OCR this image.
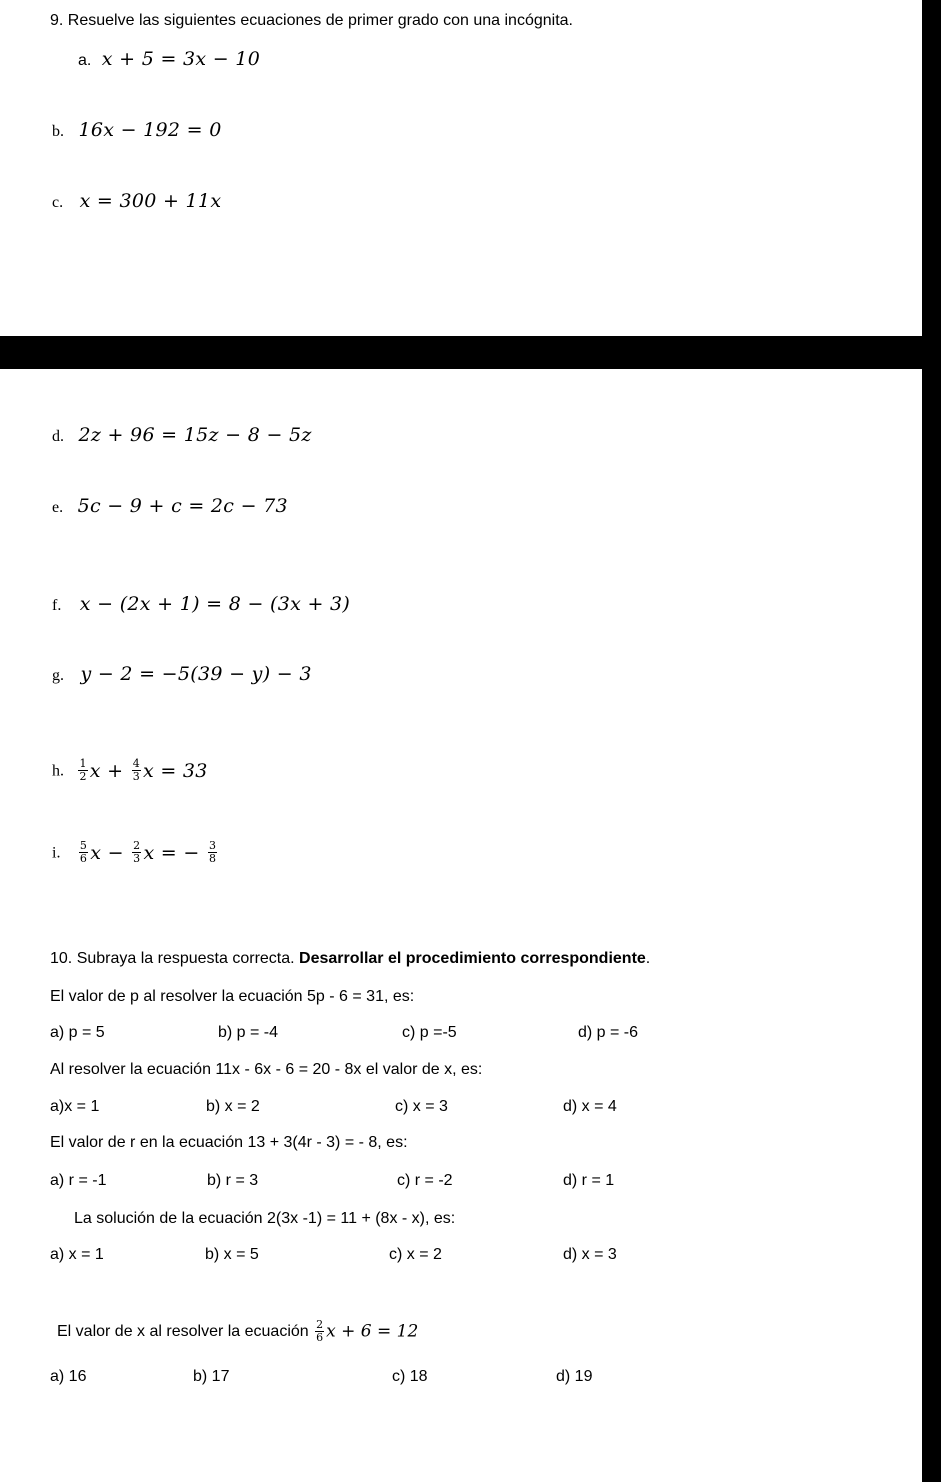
9. Resuelve las siguientes ecuaciones de primer grado con una incógnita.
a. x + 5 = 3x − 10
b. 16x − 192 = 0
c. x = 300 + 11x
d. 2z + 96 = 15z − 8 − 5z
e. 5c − 9 + c = 2c − 73
f. x − (2x + 1) = 8 − (3x + 3)
g. y − 2 = −5(39 − y) − 3
h. $\frac{1}{2}$ $x + \frac{4}{3}$ x = 33
i. $\frac{5}{6}$ $x - \frac{2}{3}$ x = − $\frac{3}{8}$
10. Subraya la respuesta correcta. Desarrollar el procedimiento correspondiente.
El valor de p al resolver la ecuación 5p - 6 = 31, es:
a) p = 5	b) p = -4	c) p =-5	d) p = -6
Al resolver la ecuación 11x - 6x - 6 = 20 - 8x el valor de x, es:
a)x = 1	b) x = 2	c) x = 3	d) x = 4
El valor de r en la ecuación 13 + 3(4r - 3) = - 8, es:
a) r = -1	b) r = 3	c) r = -2	d) r = 1
La solución de la ecuación 2(3x -1) = 11 + (8x - x), es:
a) x = 1	b) x = 5	c) x = 2	d) x = 3
El valor de x al resolver la ecuación $\frac{2}{6}$ x + 6 = 12
a) 16	b) 17	c) 18	d) 19
